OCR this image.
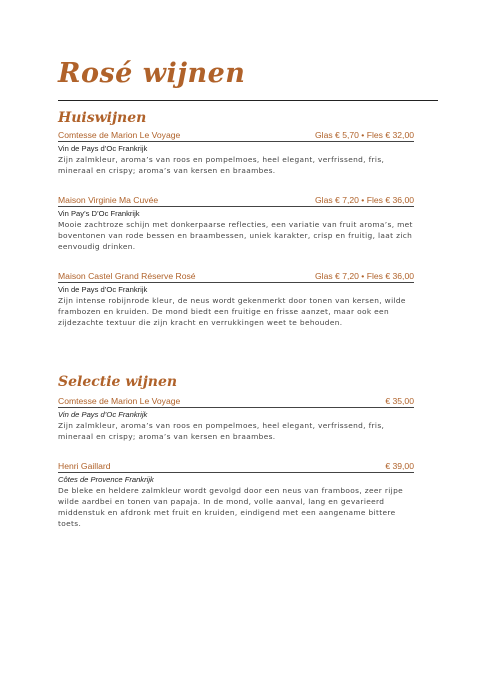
Rosé wijnen
Huiswijnen
Comtesse de Marion Le Voyage	Glas € 5,70 • Fles € 32,00
Vin de Pays d’Oc Frankrijk
Zijn zalmkleur, aroma’s van roos en pompelmoes, heel elegant, verfrissend, fris, mineraal en crispy; aroma’s van kersen en braambes.
Maison Virginie Ma Cuvée	Glas € 7,20 • Fles € 36,00
Vin Pay’s D’Oc Frankrijk
Mooie zachtroze schijn met donkerpaarse reflecties, een variatie van fruit aroma’s, met boventonen van rode bessen en braambessen, uniek karakter, crisp en fruitig, laat zich eenvoudig drinken.
Maison Castel Grand Réserve Rosé	Glas € 7,20 • Fles € 36,00
Vin de Pays d’Oc Frankrijk
Zijn intense robijnrode kleur, de neus wordt gekenmerkt door tonen van kersen, wilde frambozen en kruiden. De mond biedt een fruitige en frisse aanzet, maar ook een zijdezachte textuur die zijn kracht en verrukkingen weet te behouden.
Selectie wijnen
Comtesse de Marion Le Voyage	€ 35,00
Vin de Pays d’Oc Frankrijk
Zijn zalmkleur, aroma’s van roos en pompelmoes, heel elegant, verfrissend, fris, mineraal en crispy; aroma’s van kersen en braambes.
Henri Gaillard	€ 39,00
Côtes de Provence Frankrijk
De bleke en heldere zalmkleur wordt gevolgd door een neus van framboos, zeer rijpe wilde aardbei en tonen van papaja. In de mond, volle aanval, lang en gevarieerd middenstuk en afdronk met fruit en kruiden, eindigend met een aangename bittere toets.
